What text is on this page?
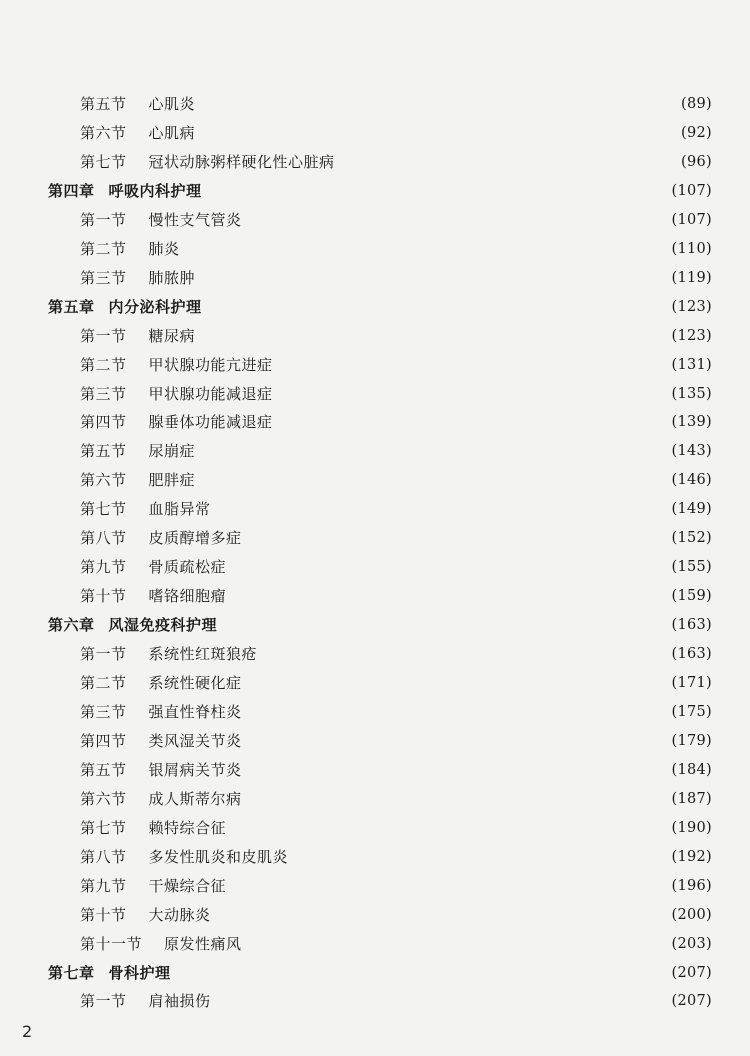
第五节 心肌炎	(89)
第六节 心肌病	(92)
第七节 冠状动脉粥样硬化性心脏病	(96)
第四章 呼吸内科护理	(107)
第一节 慢性支气管炎	(107)
第二节 肺炎	(110)
第三节 肺脓肿	(119)
第五章 内分泌科护理	(123)
第一节 糖尿病	(123)
第二节 甲状腺功能亢进症	(131)
第三节 甲状腺功能减退症	(135)
第四节 腺垂体功能减退症	(139)
第五节 尿崩症	(143)
第六节 肥胖症	(146)
第七节 血脂异常	(149)
第八节 皮质醇增多症	(152)
第九节 骨质疏松症	(155)
第十节 嗜铬细胞瘤	(159)
第六章 风湿免疫科护理	(163)
第一节 系统性红斑狼疮	(163)
第二节 系统性硬化症	(171)
第三节 强直性脊柱炎	(175)
第四节 类风湿关节炎	(179)
第五节 银屑病关节炎	(184)
第六节 成人斯蒂尔病	(187)
第七节 赖特综合征	(190)
第八节 多发性肌炎和皮肌炎	(192)
第九节 干燥综合征	(196)
第十节 大动脉炎	(200)
第十一节 原发性痛风	(203)
第七章 骨科护理	(207)
第一节 肩袖损伤	(207)
2
